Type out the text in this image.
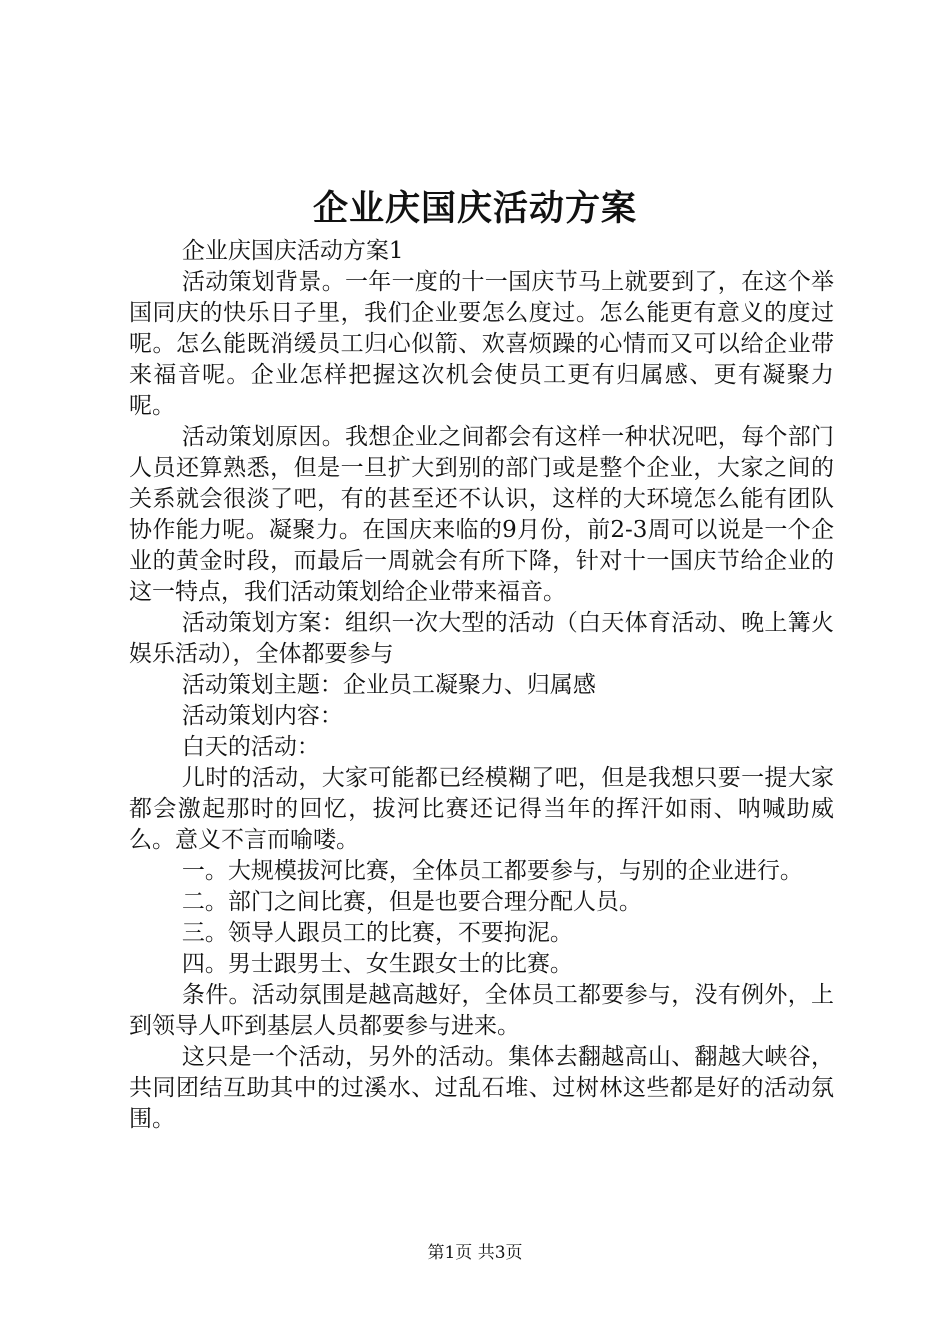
企业庆国庆活动方案

企业庆国庆活动方案1

活动策划背景。一年一度的十一国庆节马上就要到了，在这个举国同庆的快乐日子里，我们企业要怎么度过。怎么能更有意义的度过呢。怎么能既消缓员工归心似箭、欢喜烦躁的心情而又可以给企业带来福音呢。企业怎样把握这次机会使员工更有归属感、更有凝聚力呢。

活动策划原因。我想企业之间都会有这样一种状况吧，每个部门人员还算熟悉，但是一旦扩大到别的部门或是整个企业，大家之间的关系就会很淡了吧，有的甚至还不认识，这样的大环境怎么能有团队协作能力呢。凝聚力。在国庆来临的9月份，前2-3周可以说是一个企业的黄金时段，而最后一周就会有所下降，针对十一国庆节给企业的这一特点，我们活动策划给企业带来福音。

活动策划方案：组织一次大型的活动（白天体育活动、晚上篝火娱乐活动），全体都要参与

活动策划主题：企业员工凝聚力、归属感

活动策划内容：

白天的活动：

儿时的活动，大家可能都已经模糊了吧，但是我想只要一提大家都会激起那时的回忆，拔河比赛还记得当年的挥汗如雨、呐喊助威么。意义不言而喻喽。

一。大规模拔河比赛，全体员工都要参与，与别的企业进行。

二。部门之间比赛，但是也要合理分配人员。

三。领导人跟员工的比赛，不要拘泥。

四。男士跟男士、女生跟女士的比赛。

条件。活动氛围是越高越好，全体员工都要参与，没有例外，上到领导人吓到基层人员都要参与进来。

这只是一个活动，另外的活动。集体去翻越高山、翻越大峡谷，共同团结互助其中的过溪水、过乱石堆、过树林这些都是好的活动氛围。

第1页 共3页
